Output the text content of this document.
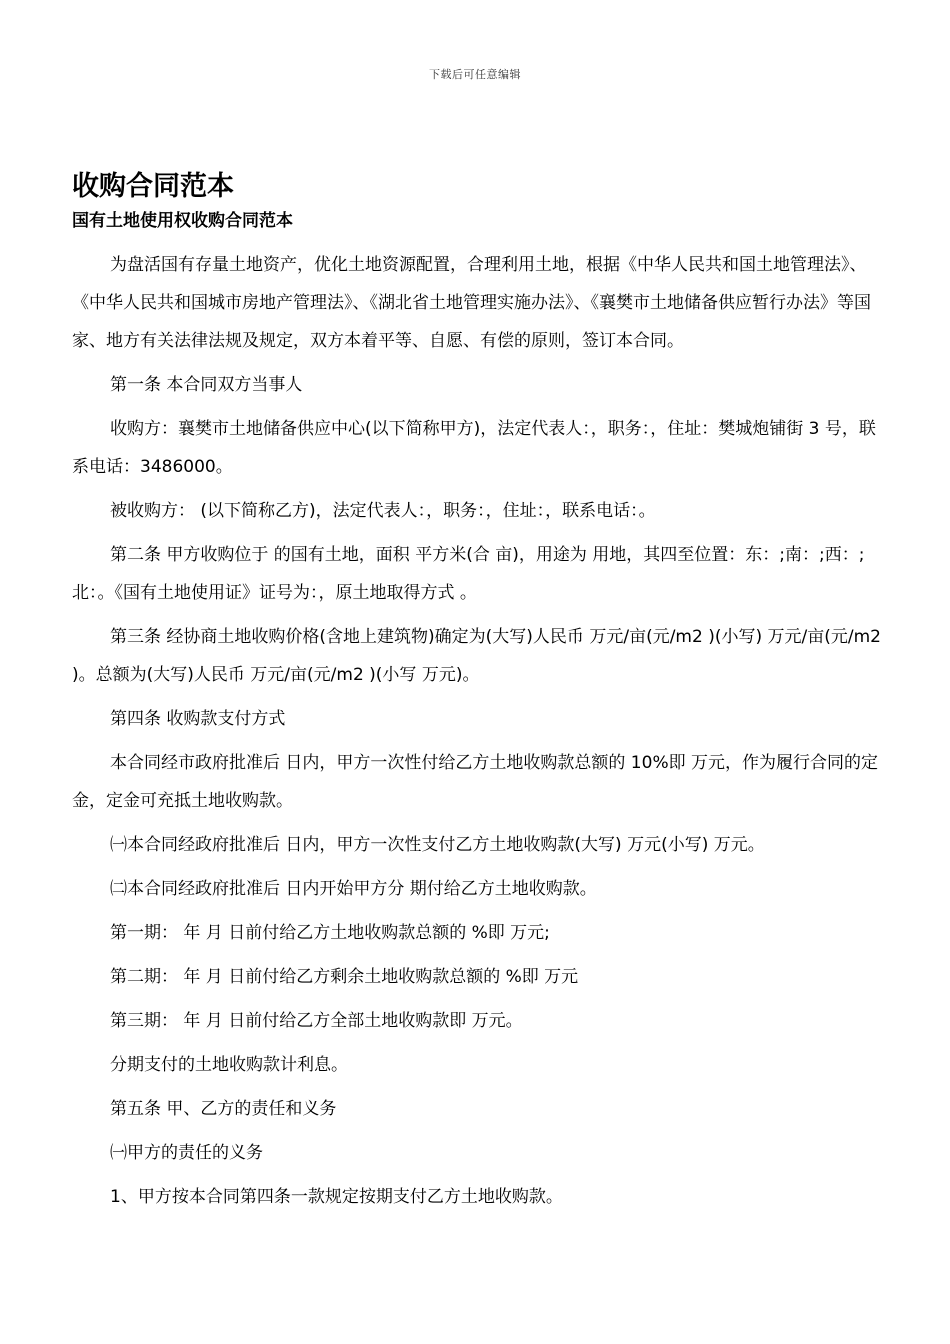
下载后可任意编辑
收购合同范本
国有土地使用权收购合同范本

为盘活国有存量土地资产，优化土地资源配置，合理利用土地，根据《中华人民共和国土地管理法》、《中华人民共和国城市房地产管理法》、《湖北省土地管理实施办法》、《襄樊市土地储备供应暂行办法》等国家、地方有关法律法规及规定，双方本着平等、自愿、有偿的原则，签订本合同。

第一条 本合同双方当事人

收购方：襄樊市土地储备供应中心(以下简称甲方)，法定代表人：，职务：，住址：樊城炮铺街 3 号，联系电话：3486000。

被收购方： (以下简称乙方)，法定代表人：，职务：，住址：，联系电话：。

第二条 甲方收购位于 的国有土地，面积 平方米(合 亩)，用途为 用地，其四至位置：东：;南：;西：;北：。《国有土地使用证》证号为：，原土地取得方式 。

第三条 经协商土地收购价格(含地上建筑物)确定为(大写)人民币 万元/亩(元/m2 )(小写) 万元/亩(元/m2 )。总额为(大写)人民币 万元/亩(元/m2 )(小写 万元)。

第四条 收购款支付方式

本合同经市政府批准后 日内，甲方一次性付给乙方土地收购款总额的 10%即 万元，作为履行合同的定金，定金可充抵土地收购款。

㈠本合同经政府批准后 日内，甲方一次性支付乙方土地收购款(大写) 万元(小写) 万元。

㈡本合同经政府批准后 日内开始甲方分 期付给乙方土地收购款。

第一期： 年 月 日前付给乙方土地收购款总额的 %即 万元;

第二期： 年 月 日前付给乙方剩余土地收购款总额的 %即 万元

第三期： 年 月 日前付给乙方全部土地收购款即 万元。

分期支付的土地收购款计利息。

第五条 甲、乙方的责任和义务

㈠甲方的责任的义务

1、甲方按本合同第四条一款规定按期支付乙方土地收购款。
